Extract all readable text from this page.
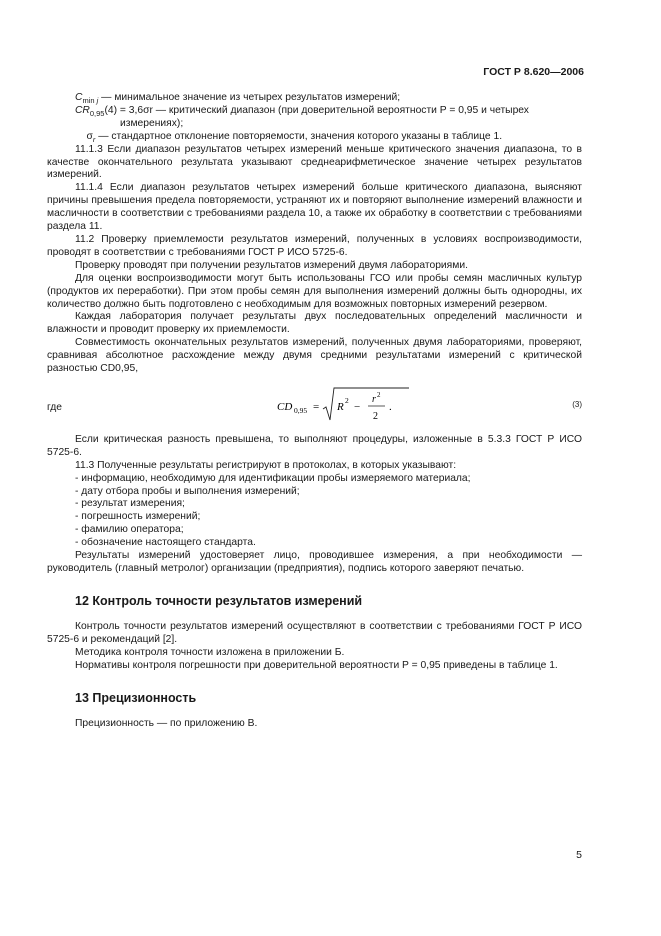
ГОСТ Р 8.620—2006

$C_{min j}$ — минимальное значение из четырех результатов измерений;

$CR_{0,95}(4) = 3,6\sigma r$ — критический диапазон (при доверительной вероятности P = 0,95 и четырех
измерениях);

$\sigma_r$ — стандартное отклонение повторяемости, значения которого указаны в таблице 1.

11.1.3 Если диапазон результатов четырех измерений меньше критического значения диапазона, то в качестве окончательного результата указывают среднеарифметическое значение четырех результатов измерений.

11.1.4 Если диапазон результатов четырех измерений больше критического диапазона, выясняют причины превышения предела повторяемости, устраняют их и повторяют выполнение измерений влажности и масличности в соответствии с требованиями раздела 10, а также их обработку в соответствии с требованиями раздела 11.

11.2 Проверку приемлемости результатов измерений, полученных в условиях воспроизводимости, проводят в соответствии с требованиями ГОСТ Р ИСО 5725-6.

Проверку проводят при получении результатов измерений двумя лабораториями.

Для оценки воспроизводимости могут быть использованы ГСО или пробы семян масличных культур (продуктов их переработки). При этом пробы семян для выполнения измерений должны быть однородны, их количество должно быть подготовлено с необходимым для возможных повторных измерений резервом.

Каждая лаборатория получает результаты двух последовательных определений масличности и влажности и проводит проверку их приемлемости.

Совместимость окончательных результатов измерений, полученных двумя лабораториями, проверяют, сравнивая абсолютное расхождение между двумя средними результатами измерений с критической разностью CD0,95,

где	CD 0,95 = R
2
−
r 2
2
.	(3)

Если критическая разность превышена, то выполняют процедуры, изложенные в 5.3.3 ГОСТ Р ИСО 5725-6.

11.3 Полученные результаты регистрируют в протоколах, в которых указывают:

- информацию, необходимую для идентификации пробы измеряемого материала;

- дату отбора пробы и выполнения измерений;

- результат измерения;

- погрешность измерений;

- фамилию оператора;

- обозначение настоящего стандарта.

Результаты измерений удостоверяет лицо, проводившее измерения, а при необходимости — руководитель (главный метролог) организации (предприятия), подпись которого заверяют печатью.

12 Контроль точности результатов измерений

Контроль точности результатов измерений осуществляют в соответствии с требованиями ГОСТ Р ИСО 5725-6 и рекомендаций [2].

Методика контроля точности изложена в приложении Б.

Нормативы контроля погрешности при доверительной вероятности P = 0,95 приведены в таблице 1.

13 Прецизионность

Прецизионность — по приложению В.

5
